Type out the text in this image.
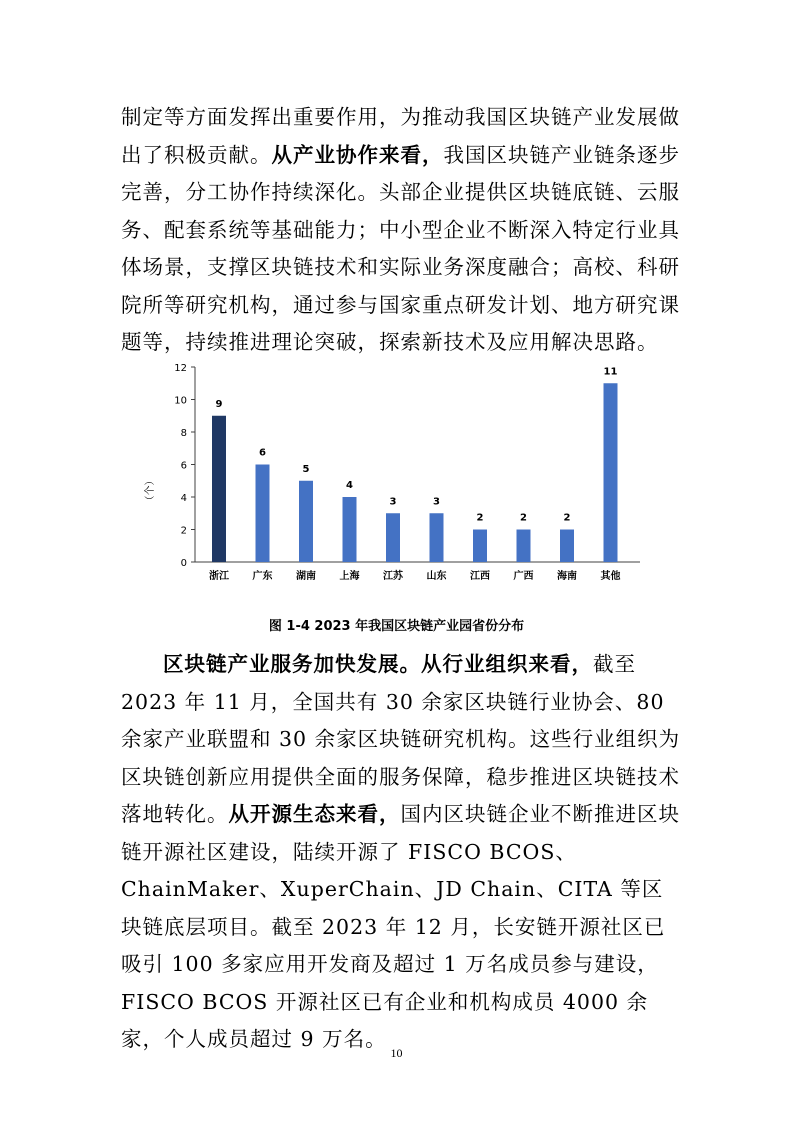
制定等方面发挥出重要作用，为推动我国区块链产业发展做出了积极贡献。从产业协作来看，我国区块链产业链条逐步完善，分工协作持续深化。头部企业提供区块链底链、云服务、配套系统等基础能力；中小型企业不断深入特定行业具体场景，支撑区块链技术和实际业务深度融合；高校、科研院所等研究机构，通过参与国家重点研发计划、地方研究课题等，持续推进理论突破，探索新技术及应用解决思路。
0
2
4
6
8
10
12
（个）
9
浙江
6
广东
5
湖南
4
上海
3
江苏
3
山东
2
江西
2
广西
2
海南
11
其他
图 1-4 2023 年我国区块链产业园省份分布
区块链产业服务加快发展。从行业组织来看，截至 2023 年 11 月，全国共有 30 余家区块链行业协会、80 余家产业联盟和 30 余家区块链研究机构。这些行业组织为区块链创新应用提供全面的服务保障，稳步推进区块链技术落地转化。从开源生态来看，国内区块链企业不断推进区块链开源社区建设，陆续开源了 FISCO BCOS、ChainMaker、XuperChain、JD Chain、CITA 等区块链底层项目。截至 2023 年 12 月，长安链开源社区已吸引 100 多家应用开发商及超过 1 万名成员参与建设，FISCO BCOS 开源社区已有企业和机构成员 4000 余家，个人成员超过 9 万名。
10
